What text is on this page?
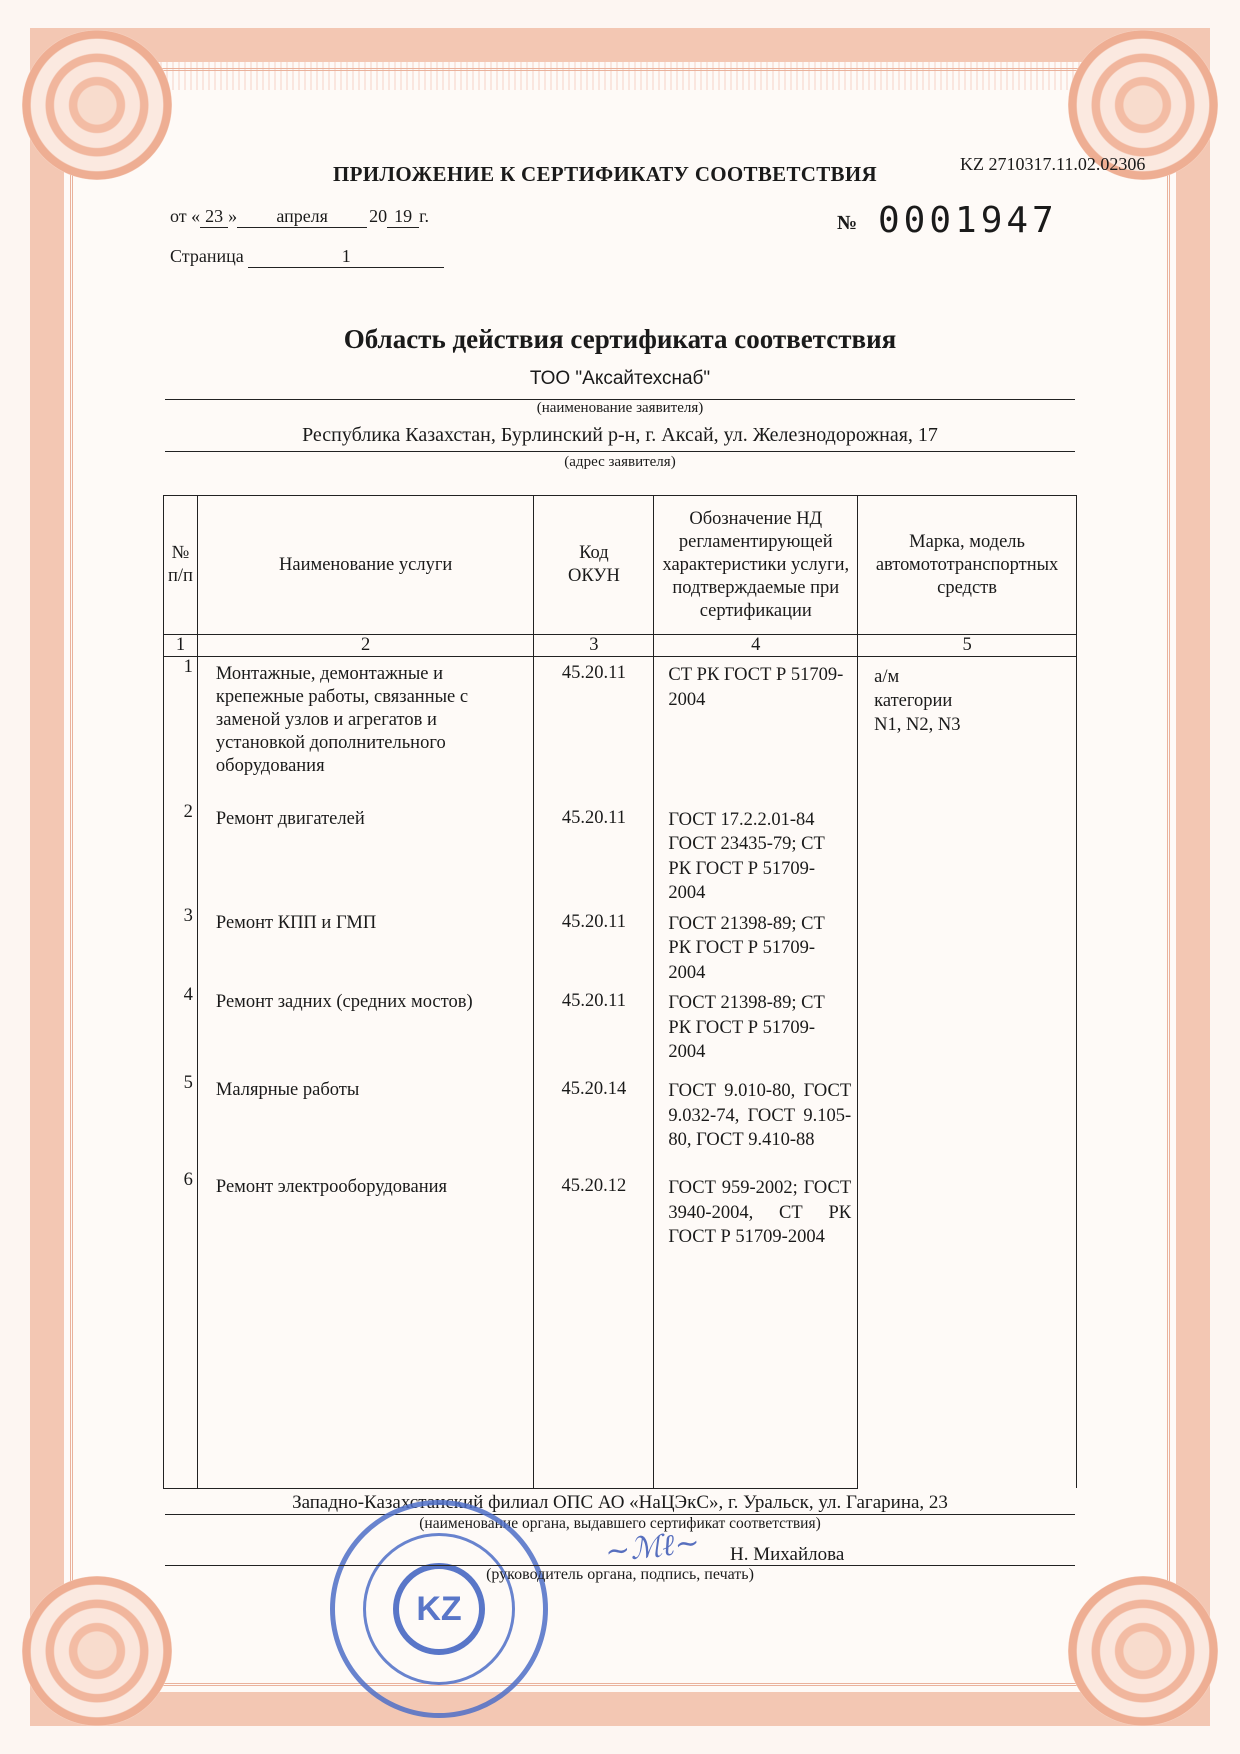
ПРИЛОЖЕНИЕ К СЕРТИФИКАТУ СООТВЕТСТВИЯ	KZ 2710317.11.02.02306
от « 23 » апреля 20 19 г.	№ 0001947
Страница	1
Область действия сертификата соответствия
ТОО "Аксайтехснаб"
(наименование заявителя)
Республика Казахстан, Бурлинский р-н, г. Аксай, ул. Железнодорожная, 17
(адрес заявителя)
№ п/п	Наименование услуги	Код ОКУН	Обозначение НД регламентирующей характеристики услуги, подтверждаемые при сертификации	Марка, модель автомототранспортных средств
1	2	3	4	5
1	Монтажные, демонтажные и крепежные работы, связанные с заменой узлов и агрегатов и установкой дополнительного оборудования	45.20.11	СТ РК ГОСТ Р 51709-2004	а/м категории N1, N2, N3

2	Ремонт двигателей	45.20.11	ГОСТ 17.2.2.01-84 ГОСТ 23435-79; СТ РК ГОСТ Р 51709-2004	
3	Ремонт КПП и ГМП	45.20.11	ГОСТ 21398-89; СТ РК ГОСТ Р 51709-2004	
4	Ремонт задних (средних мостов)	45.20.11	ГОСТ 21398-89; СТ РК ГОСТ Р 51709-2004	
5	Малярные работы	45.20.14	ГОСТ 9.010-80, ГОСТ 9.032-74, ГОСТ 9.105-80, ГОСТ 9.410-88	
6	Ремонт электрооборудования	45.20.12	ГОСТ 959-2002; ГОСТ 3940-2004, СТ РК ГОСТ Р 51709-2004	

Западно-Казахстанский филиал ОПС АО «НаЦЭкС», г. Уральск, ул. Гагарина, 23
(наименование органа, выдавшего сертификат соответствия)
KZ
~ℳℓ~ Н. Михайлова
(руководитель органа, подпись, печать)
